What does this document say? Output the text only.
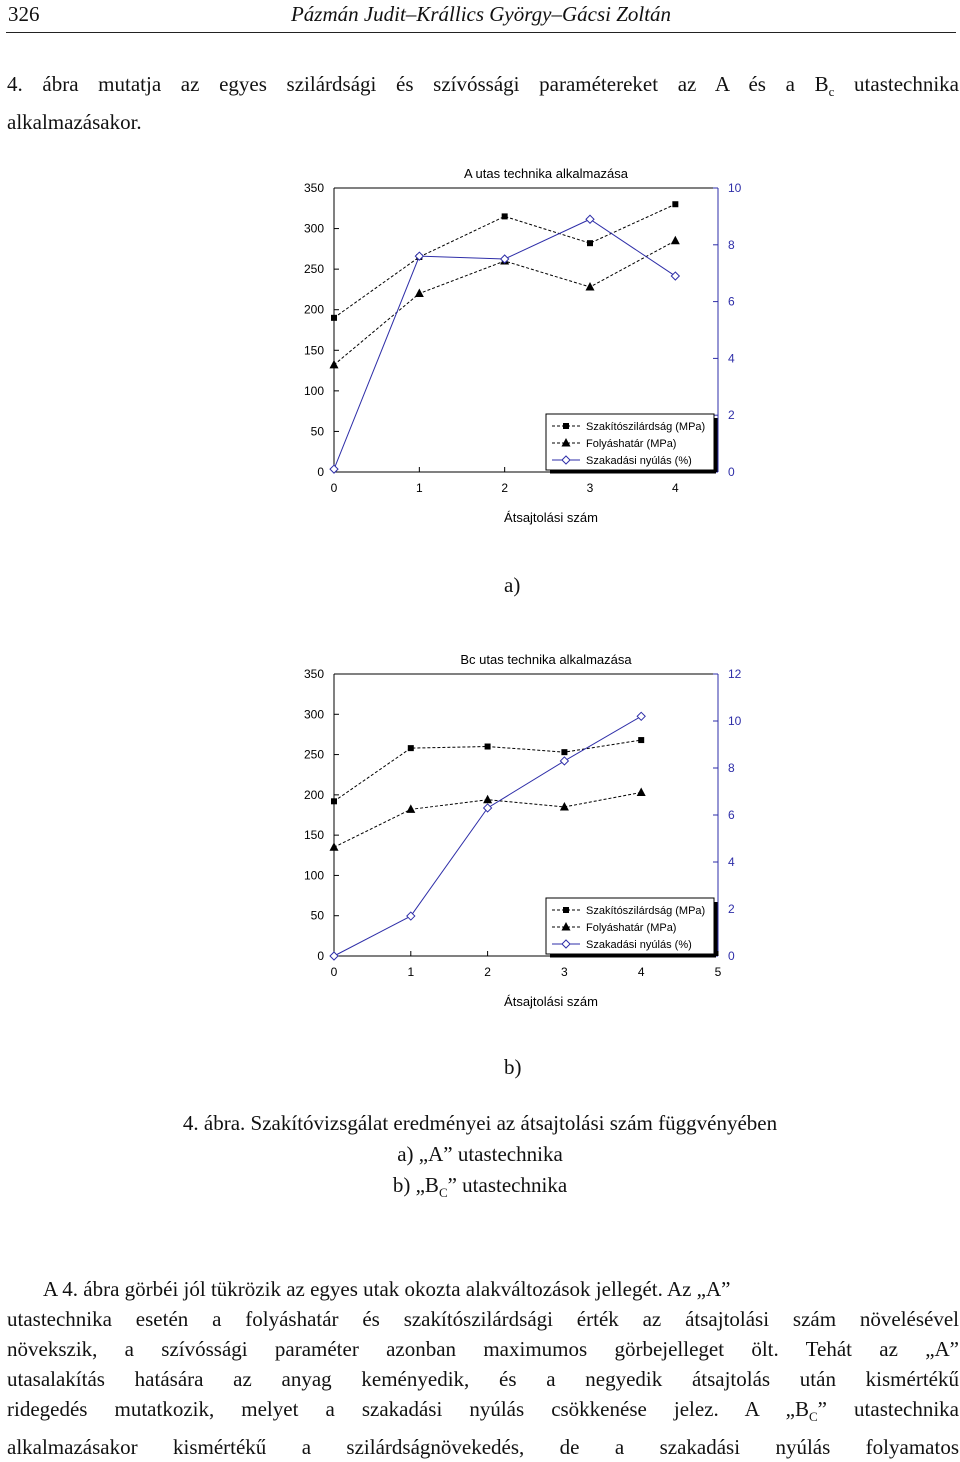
326	Pázmán Judit–Krállics György–Gácsi Zoltán
4. ábra mutatja az egyes szilárdsági és szívóssági paramétereket az A és a $B_c$ utastechnika
alkalmazásakor.
A utas technika alkalmazása
0
50
100
150
200
250
300
350
0
2
4
6
8
10
0	1	2	3	4
Átsajtolási szám
Szakítószilárdság (MPa)
Folyáshatár (MPa)
Szakadási nyúlás (%)
a)
Bc utas technika alkalmazása
0
50
100
150
200
250
300
350
0
2
4
6
8
10
12
0	1	2	3	4	5
Átsajtolási szám
Szakítószilárdság (MPa)
Folyáshatár (MPa)
Szakadási nyúlás (%)
b)
4. ábra. Szakítóvizsgálat eredményei az átsajtolási szám függvényében
a) „A” utastechnika
b) $„B_C$” utastechnika
A 4. ábra görbéi jól tükrözik az egyes utak okozta alakváltozások jellegét. Az „A”
utastechnika esetén a folyáshatár és szakítószilárdsági érték az átsajtolási szám növelésével
növekszik, a szívóssági paraméter azonban maximumos görbejelleget ölt. Tehát az „A”
utasalakítás hatására az anyag keményedik, és a negyedik átsajtolás után kismértékű
ridegedés mutatkozik, melyet a szakadási nyúlás csökkenése jelez. A $„B_C$” utastechnika
alkalmazásakor kismértékű a szilárdságnövekedés, de a szakadási nyúlás folyamatos
